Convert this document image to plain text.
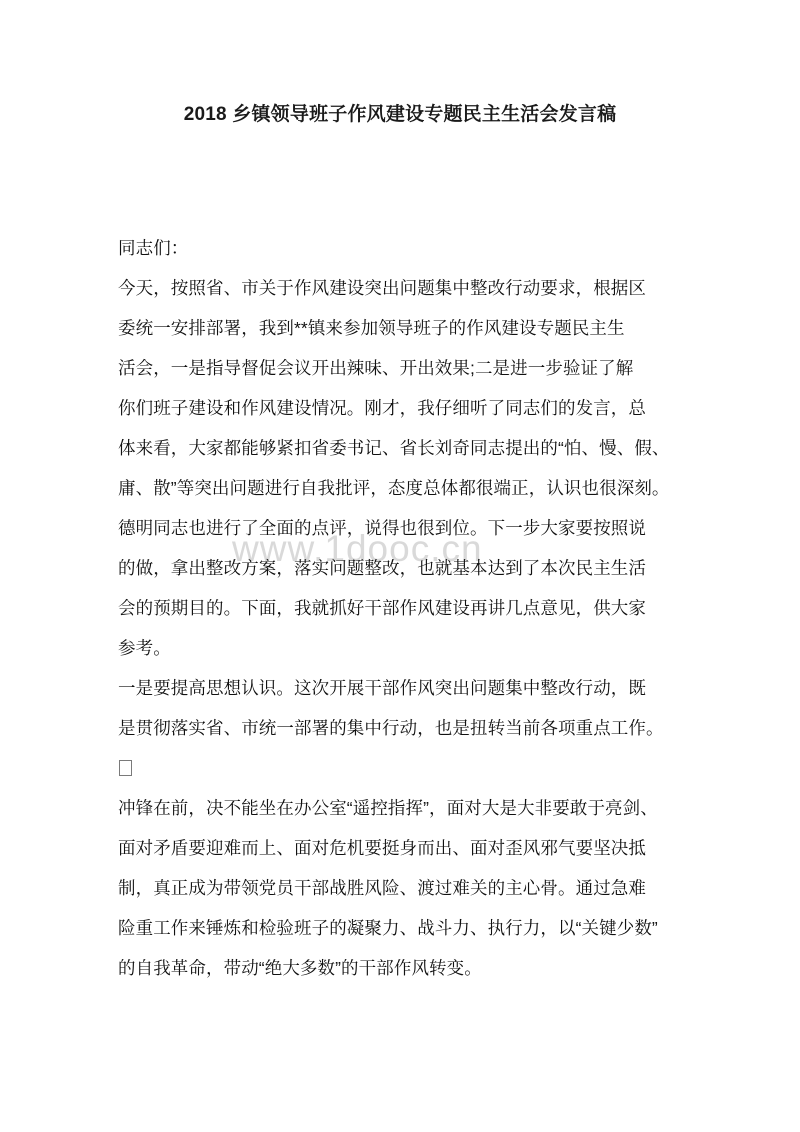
www.1dooc.cn
2018 乡镇领导班子作风建设专题民主生活会发言稿
同志们：
今天，按照省、市关于作风建设突出问题集中整改行动要求，根据区
委统一安排部署，我到**镇来参加领导班子的作风建设专题民主生
活会，一是指导督促会议开出辣味、开出效果;二是进一步验证了解
你们班子建设和作风建设情况。刚才，我仔细听了同志们的发言，总
体来看，大家都能够紧扣省委书记、省长刘奇同志提出的“怕、慢、假、
庸、散”等突出问题进行自我批评，态度总体都很端正，认识也很深刻。
德明同志也进行了全面的点评，说得也很到位。下一步大家要按照说
的做，拿出整改方案，落实问题整改，也就基本达到了本次民主生活
会的预期目的。下面，我就抓好干部作风建设再讲几点意见，供大家
参考。
一是要提高思想认识。这次开展干部作风突出问题集中整改行动，既
是贯彻落实省、市统一部署的集中行动，也是扭转当前各项重点工作。
冲锋在前，决不能坐在办公室“遥控指挥”，面对大是大非要敢于亮剑、
面对矛盾要迎难而上、面对危机要挺身而出、面对歪风邪气要坚决抵
制，真正成为带领党员干部战胜风险、渡过难关的主心骨。通过急难
险重工作来锤炼和检验班子的凝聚力、战斗力、执行力，以“关键少数”
的自我革命，带动“绝大多数”的干部作风转变。
